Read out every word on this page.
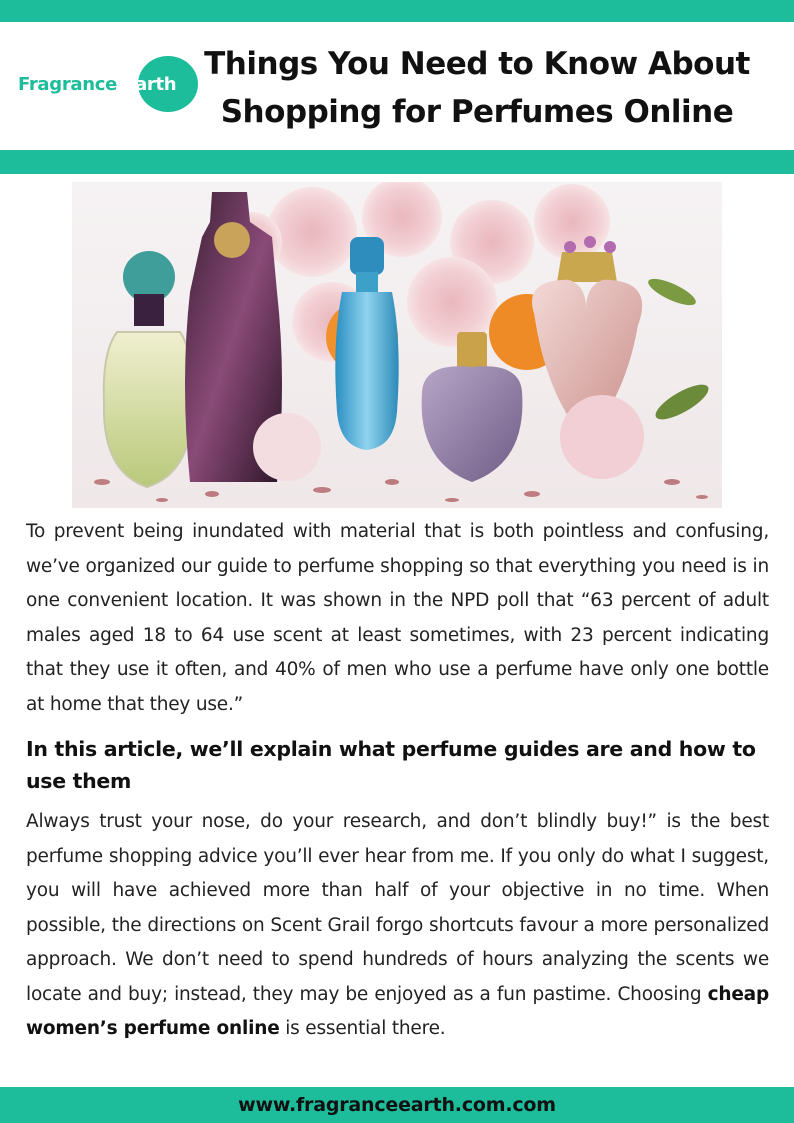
Fragrance Earth
Things You Need to Know About
Shopping for Perfumes Online

To prevent being inundated with material that is both pointless and confusing, we’ve organized our guide to perfume shopping so that everything you need is in one convenient location. It was shown in the NPD poll that “63 percent of adult males aged 18 to 64 use scent at least sometimes, with 23 percent indicating that they use it often, and 40% of men who use a perfume have only one bottle at home that they use.”

In this article, we’ll explain what perfume guides are and how to use them

Always trust your nose, do your research, and don’t blindly buy!” is the best perfume shopping advice you’ll ever hear from me. If you only do what I suggest, you will have achieved more than half of your objective in no time. When possible, the directions on Scent Grail forgo shortcuts favour a more personalized approach. We don’t need to spend hundreds of hours analyzing the scents we locate and buy; instead, they may be enjoyed as a fun pastime. Choosing cheap women’s perfume online is essential there.

www.fragranceearth.com.com
